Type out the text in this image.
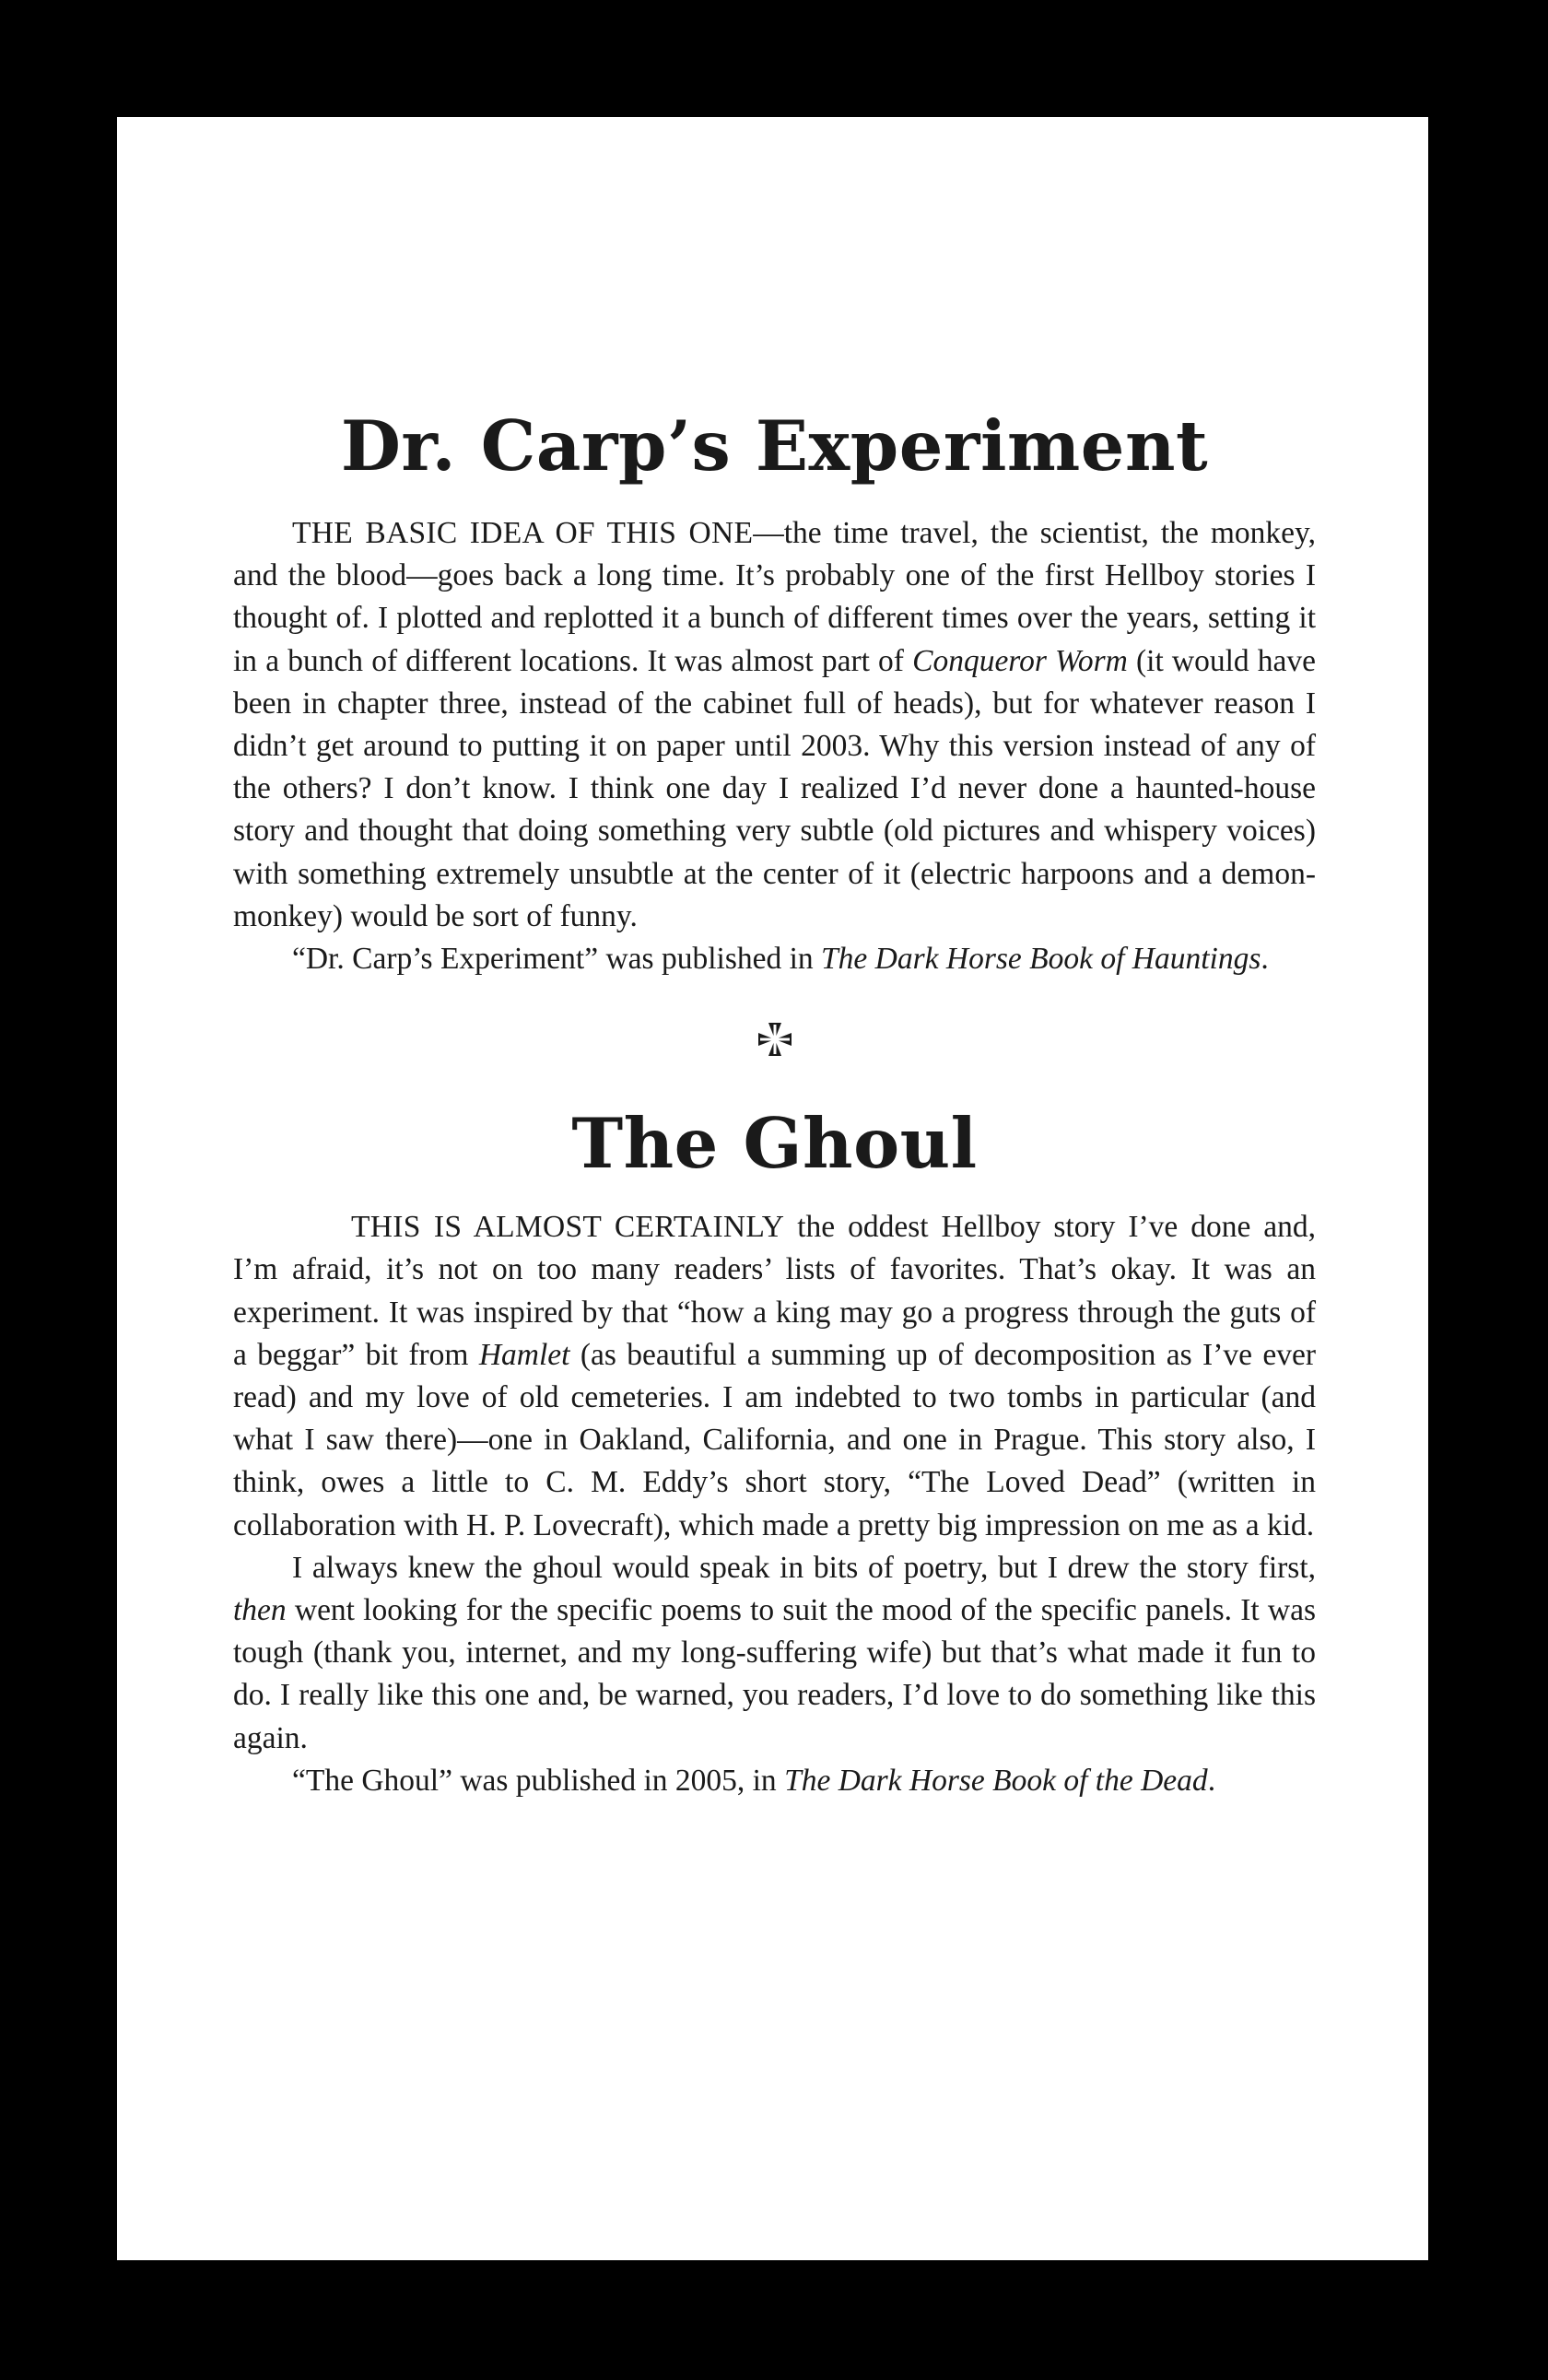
Dr. Carp’s Experiment

THE BASIC IDEA OF THIS ONE—the time travel, the scientist, the monkey, and the blood—goes back a long time. It’s probably one of the first Hellboy stories I thought of. I plotted and replotted it a bunch of different times over the years, setting it in a bunch of different locations. It was almost part of Conqueror Worm (it would have been in chapter three, instead of the cabinet full of heads), but for whatever reason I didn’t get around to putting it on paper until 2003. Why this version instead of any of the others? I don’t know. I think one day I realized I’d never done a haunted-house story and thought that doing something very subtle (old pictures and whispery voices) with something extremely unsubtle at the center of it (electric harpoons and a demon-monkey) would be sort of funny.

“Dr. Carp’s Experiment” was published in The Dark Horse Book of Hauntings.

The Ghoul

THIS IS ALMOST CERTAINLY the oddest Hellboy story I’ve done and, I’m afraid, it’s not on too many readers’ lists of favorites. That’s okay. It was an experiment. It was inspired by that “how a king may go a progress through the guts of a beggar” bit from Hamlet (as beautiful a summing up of decomposition as I’ve ever read) and my love of old cemeteries. I am indebted to two tombs in particular (and what I saw there)—one in Oakland, California, and one in Prague. This story also, I think, owes a little to C. M. Eddy’s short story, “The Loved Dead” (written in collaboration with H. P. Lovecraft), which made a pretty big impression on me as a kid.

I always knew the ghoul would speak in bits of poetry, but I drew the story first, then went looking for the specific poems to suit the mood of the specific panels. It was tough (thank you, internet, and my long-suffering wife) but that’s what made it fun to do. I really like this one and, be warned, you readers, I’d love to do something like this again.

“The Ghoul” was published in 2005, in The Dark Horse Book of the Dead.
